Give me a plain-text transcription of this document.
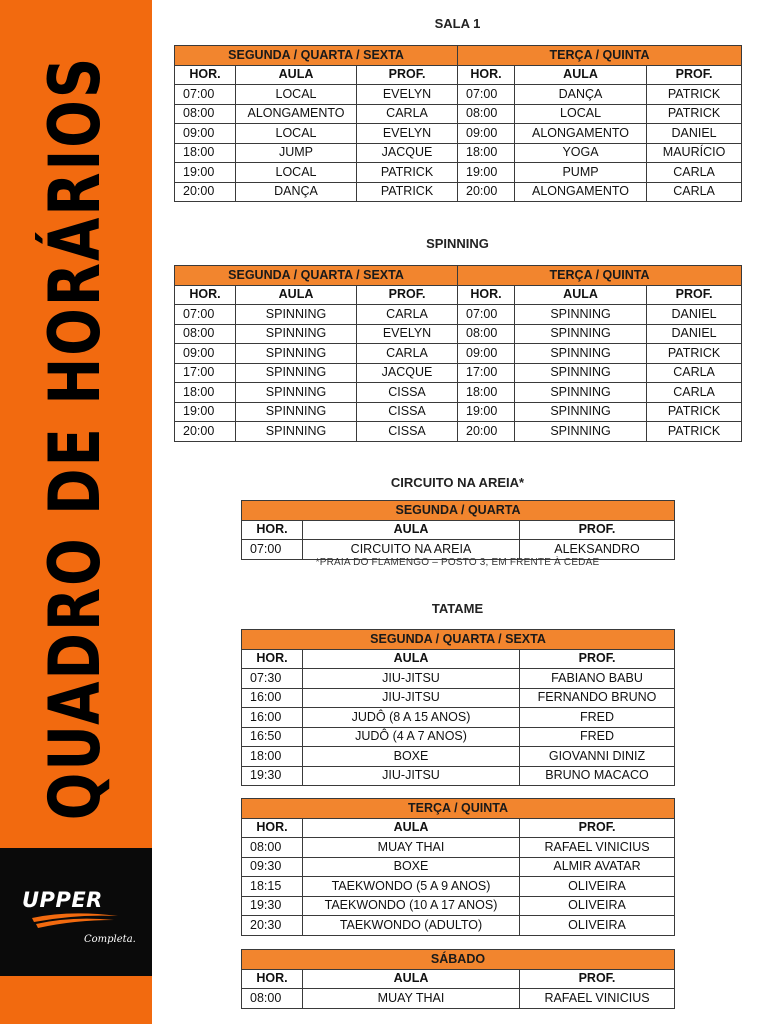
QUADRO DE HORÁRIOS
UPPER
Completa.
SALA 1
SEGUNDA / QUARTA / SEXTA			TERÇA / QUINTA		
HOR.	AULA	PROF.	HOR.	AULA	PROF.
07:00	LOCAL	EVELYN	07:00	DANÇA	PATRICK
08:00	ALONGAMENTO	CARLA	08:00	LOCAL	PATRICK
09:00	LOCAL	EVELYN	09:00	ALONGAMENTO	DANIEL
18:00	JUMP	JACQUE	18:00	YOGA	MAURÍCIO
19:00	LOCAL	PATRICK	19:00	PUMP	CARLA
20:00	DANÇA	PATRICK	20:00	ALONGAMENTO	CARLA
SPINNING
SEGUNDA / QUARTA / SEXTA			TERÇA / QUINTA		
HOR.	AULA	PROF.	HOR.	AULA	PROF.
07:00	SPINNING	CARLA	07:00	SPINNING	DANIEL
08:00	SPINNING	EVELYN	08:00	SPINNING	DANIEL
09:00	SPINNING	CARLA	09:00	SPINNING	PATRICK
17:00	SPINNING	JACQUE	17:00	SPINNING	CARLA
18:00	SPINNING	CISSA	18:00	SPINNING	CARLA
19:00	SPINNING	CISSA	19:00	SPINNING	PATRICK
20:00	SPINNING	CISSA	20:00	SPINNING	PATRICK
CIRCUITO NA AREIA*
SEGUNDA / QUARTA		
HOR.	AULA	PROF.
07:00	CIRCUITO NA AREIA	ALEKSANDRO
*PRAIA DO FLAMENGO – POSTO 3, EM FRENTE À CEDAE
TATAME
SEGUNDA / QUARTA / SEXTA		
HOR.	AULA	PROF.
07:30	JIU-JITSU	FABIANO BABU
16:00	JIU-JITSU	FERNANDO BRUNO
16:00	JUDÔ (8 A 15 ANOS)	FRED
16:50	JUDÔ (4 A 7 ANOS)	FRED
18:00	BOXE	GIOVANNI DINIZ
19:30	JIU-JITSU	BRUNO MACACO
TERÇA / QUINTA		
HOR.	AULA	PROF.
08:00	MUAY THAI	RAFAEL VINICIUS
09:30	BOXE	ALMIR AVATAR
18:15	TAEKWONDO (5 A 9 ANOS)	OLIVEIRA
19:30	TAEKWONDO (10 A 17 ANOS)	OLIVEIRA
20:30	TAEKWONDO (ADULTO)	OLIVEIRA
SÁBADO		
HOR.	AULA	PROF.
08:00	MUAY THAI	RAFAEL VINICIUS
